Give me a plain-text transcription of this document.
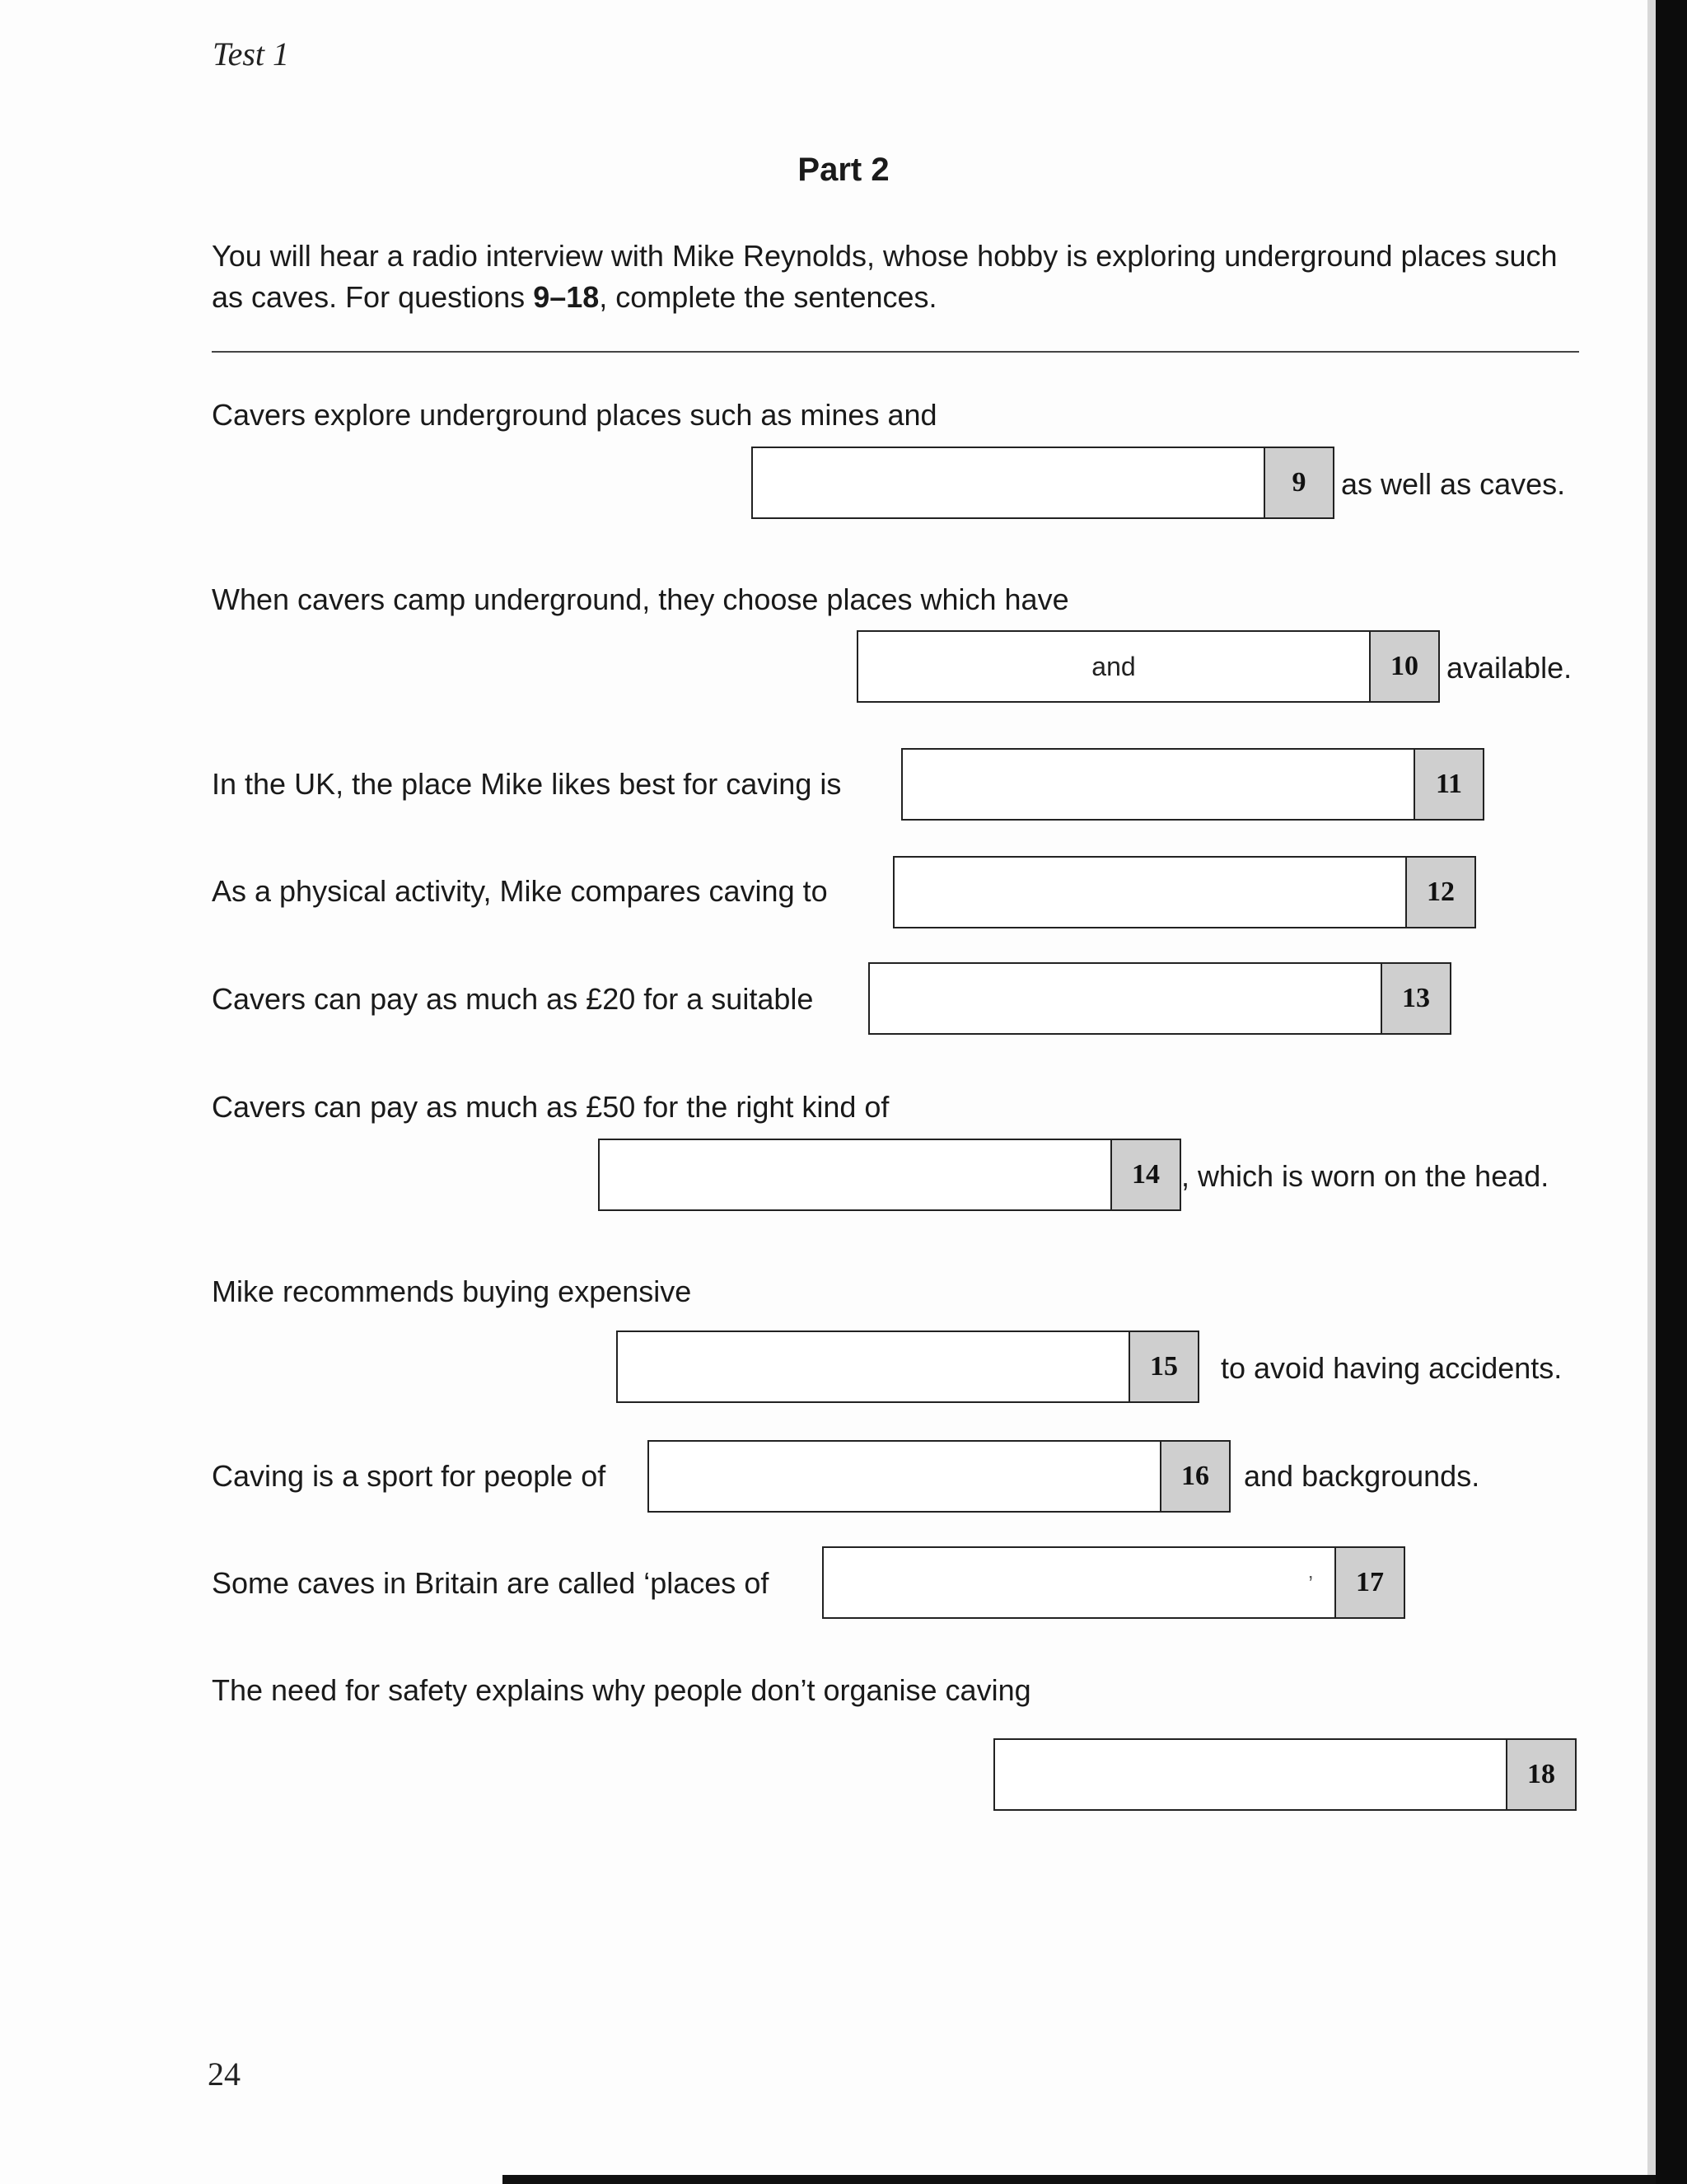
Test 1
Part 2
You will hear a radio interview with Mike Reynolds, whose hobby is exploring underground places such as caves. For questions 9–18, complete the sentences.
Cavers explore underground places such as mines and
9	as well as caves.
When cavers camp underground, they choose places which have
and	10 available.
In the UK, the place Mike likes best for caving is	11
As a physical activity, Mike compares caving to	12
Cavers can pay as much as £20 for a suitable	13
Cavers can pay as much as £50 for the right kind of
14 , which is worn on the head.
Mike recommends buying expensive
15	to avoid having accidents.
Caving is a sport for people of	16	and backgrounds.
Some caves in Britain are called ‘places of	’	17
The need for safety explains why people don’t organise caving
18
24
